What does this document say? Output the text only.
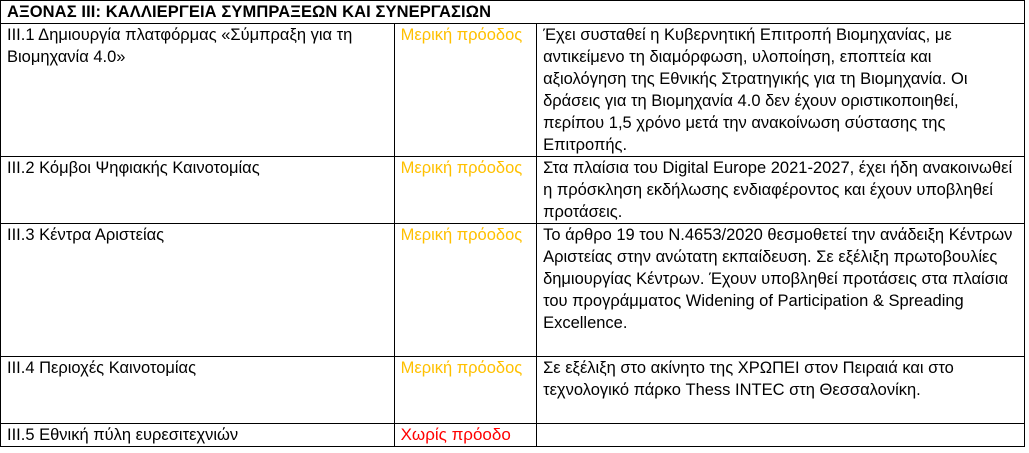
ΑΞΟΝΑΣ III: ΚΑΛΛΙΕΡΓΕΙΑ ΣΥΜΠΡΑΞΕΩΝ ΚΑΙ ΣΥΝΕΡΓΑΣΙΩΝ		
ΙΙΙ.1 Δημιουργία πλατφόρμας «Σύμπραξη για τη Βιομηχανία 4.0»	Μερική πρόοδος	Έχει συσταθεί η Κυβερνητική Επιτροπή Βιομηχανίας, με αντικείμενο τη διαμόρφωση, υλοποίηση, εποπτεία και αξιολόγηση της Εθνικής Στρατηγικής για τη Βιομηχανία. Οι δράσεις για τη Βιομηχανία 4.0 δεν έχουν οριστικοποιηθεί, περίπου 1,5 χρόνο μετά την ανακοίνωση σύστασης της Επιτροπής.
ΙΙΙ.2 Κόμβοι Ψηφιακής Καινοτομίας	Μερική πρόοδος	Στα πλαίσια του Digital Europe 2021-2027, έχει ήδη ανακοινωθεί η πρόσκληση εκδήλωσης ενδιαφέροντος και έχουν υποβληθεί προτάσεις.
ΙΙΙ.3 Κέντρα Αριστείας	Μερική πρόοδος	Το άρθρο 19 του Ν.4653/2020 θεσμοθετεί την ανάδειξη Κέντρων Αριστείας στην ανώτατη εκπαίδευση. Σε εξέλιξη πρωτοβουλίες δημιουργίας Κέντρων. Έχουν υποβληθεί προτάσεις στα πλαίσια του προγράμματος Widening of Participation & Spreading Excellence.
ΙΙΙ.4 Περιοχές Καινοτομίας	Μερική πρόοδος	Σε εξέλιξη στο ακίνητο της ΧΡΩΠΕΙ στον Πειραιά και στο τεχνολογικό πάρκο Thess INTEC στη Θεσσαλονίκη.
ΙΙΙ.5 Εθνική πύλη ευρεσιτεχνιών	Χωρίς πρόοδο	
